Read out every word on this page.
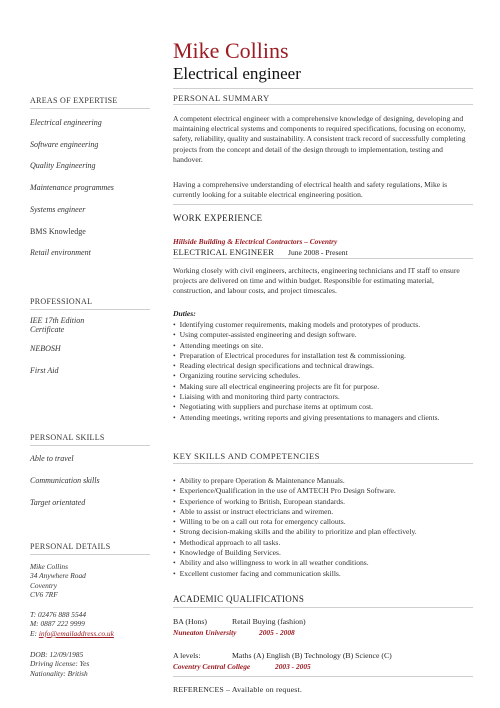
Mike Collins
Electrical engineer
AREAS OF EXPERTISE
Electrical engineering
Software engineering
Quality Engineering
Maintenance programmes
Systems engineer
BMS Knowledge
Retail environment
PROFESSIONAL
IEE 17th Edition
Certificate
NEBOSH
First Aid
PERSONAL SKILLS
Able to travel
Communication skills
Target orientated
PERSONAL DETAILS
Mike Collins
34 Anywhere Road
Coventry
CV6 7RF
T: 02476 888 5544
M: 0887 222 9999
E: info@emailaddress.co.uk
DOB: 12/09/1985
Driving license: Yes
Nationality: British
PERSONAL SUMMARY
A competent electrical engineer with a comprehensive knowledge of designing, developing and maintaining electrical systems and components to required specifications, focusing on economy, safety, reliability, quality and sustainability. A consistent track record of successfully completing projects from the concept and detail of the design through to implementation, testing and handover.
Having a comprehensive understanding of electrical health and safety regulations, Mike is currently looking for a suitable electrical engineering position.
WORK EXPERIENCE
Hillside Building & Electrical Contractors – Coventry
ELECTRICAL ENGINEER June 2008 - Present
Working closely with civil engineers, architects, engineering technicians and IT staff to ensure projects are delivered on time and within budget. Responsible for estimating material, construction, and labour costs, and project timescales.
Duties:
• Identifying customer requirements, making models and prototypes of products.
• Using computer-assisted engineering and design software.
• Attending meetings on site.
• Preparation of Electrical procedures for installation test & commissioning.
• Reading electrical design specifications and technical drawings.
• Organizing routine servicing schedules.
• Making sure all electrical engineering projects are fit for purpose.
• Liaising with and monitoring third party contractors.
• Negotiating with suppliers and purchase items at optimum cost.
• Attending meetings, writing reports and giving presentations to managers and clients.
KEY SKILLS AND COMPETENCIES
• Ability to prepare Operation & Maintenance Manuals.
• Experience/Qualification in the use of AMTECH Pro Design Software.
• Experience of working to British, European standards.
• Able to assist or instruct electricians and wiremen.
• Willing to be on a call out rota for emergency callouts.
• Strong decision-making skills and the ability to prioritize and plan effectively.
• Methodical approach to all tasks.
• Knowledge of Building Services.
• Ability and also willingness to work in all weather conditions.
• Excellent customer facing and communication skills.
ACADEMIC QUALIFICATIONS
BA (Hons)	Retail Buying (fashion)
Nuneaton University	2005 - 2008
A levels:	Maths (A) English (B) Technology (B) Science (C)
Coventry Central College	2003 - 2005
REFERENCES – Available on request.
